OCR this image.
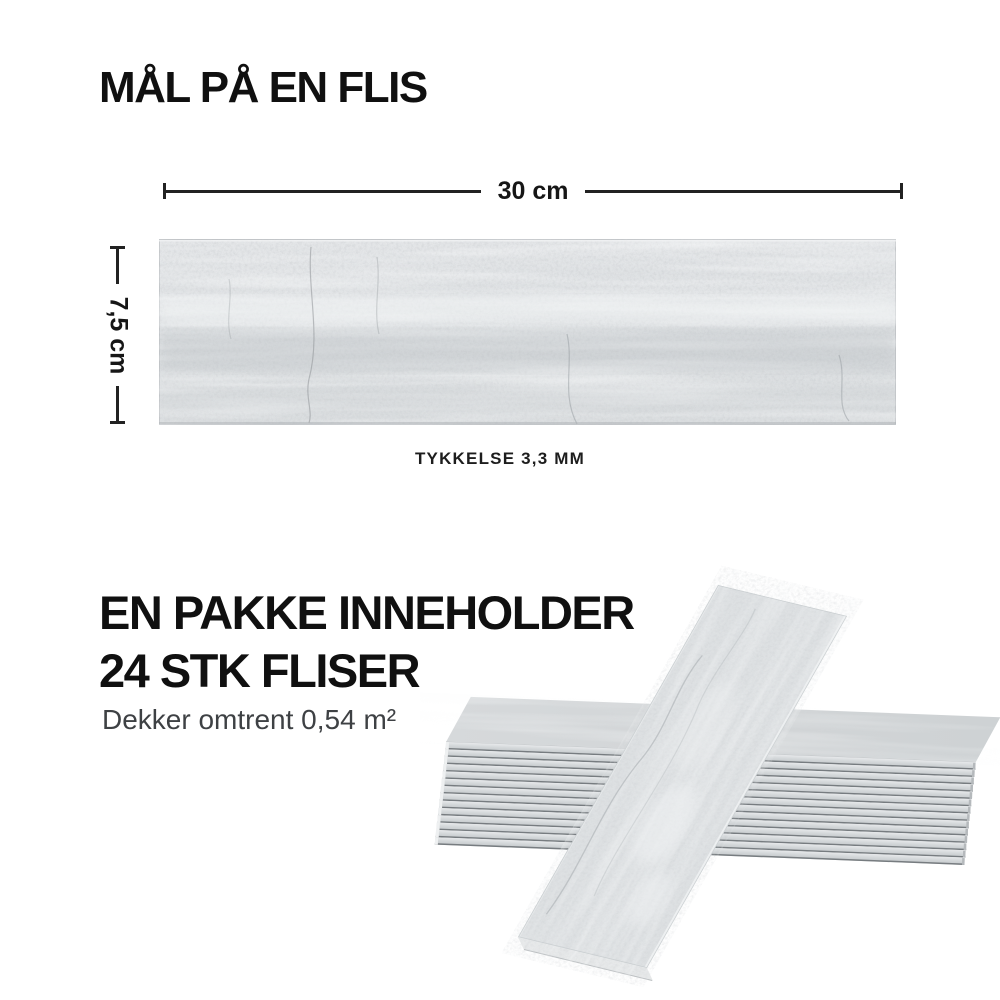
MÅL PÅ EN FLIS
30 cm
7,5 cm
TYKKELSE 3,3 MM
EN PAKKE INNEHOLDER
24 STK FLISER
Dekker omtrent 0,54 m²
